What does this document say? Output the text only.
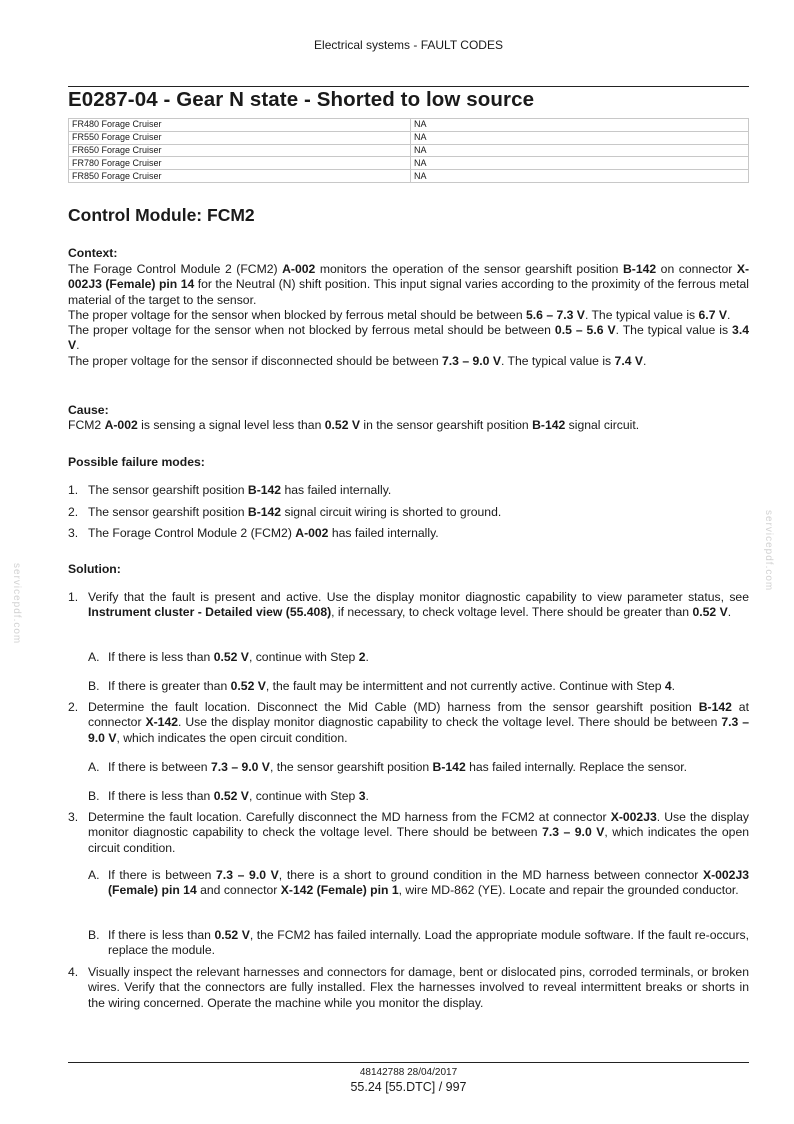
servicepdf.com
servicepdf.com
Electrical systems - FAULT CODES
E0287-04 - Gear N state - Shorted to low source
FR480 Forage Cruiser	NA
FR550 Forage Cruiser	NA
FR650 Forage Cruiser	NA
FR780 Forage Cruiser	NA
FR850 Forage Cruiser	NA
Control Module: FCM2
Context:
The Forage Control Module 2 (FCM2) A-002 monitors the operation of the sensor gearshift position B-142 on connector X-002J3 (Female) pin 14 for the Neutral (N) shift position. This input signal varies according to the proximity of the ferrous metal material of the target to the sensor.
The proper voltage for the sensor when blocked by ferrous metal should be between 5.6 – 7.3 V. The typical value is 6.7 V.
The proper voltage for the sensor when not blocked by ferrous metal should be between 0.5 – 5.6 V. The typical value is 3.4 V.
The proper voltage for the sensor if disconnected should be between 7.3 – 9.0 V. The typical value is 7.4 V.
Cause:
FCM2 A-002 is sensing a signal level less than 0.52 V in the sensor gearshift position B-142 signal circuit.
Possible failure modes:
1. The sensor gearshift position B-142 has failed internally.
2. The sensor gearshift position B-142 signal circuit wiring is shorted to ground.
3. The Forage Control Module 2 (FCM2) A-002 has failed internally.
Solution:
1. Verify that the fault is present and active. Use the display monitor diagnostic capability to view parameter status, see Instrument cluster - Detailed view (55.408), if necessary, to check voltage level. There should be greater than 0.52 V.
A. If there is less than 0.52 V, continue with Step 2.
B. If there is greater than 0.52 V, the fault may be intermittent and not currently active. Continue with Step 4.
2. Determine the fault location. Disconnect the Mid Cable (MD) harness from the sensor gearshift position B-142 at connector X-142. Use the display monitor diagnostic capability to check the voltage level. There should be between 7.3 – 9.0 V, which indicates the open circuit condition.
A. If there is between 7.3 – 9.0 V, the sensor gearshift position B-142 has failed internally. Replace the sensor.
B. If there is less than 0.52 V, continue with Step 3.
3. Determine the fault location. Carefully disconnect the MD harness from the FCM2 at connector X-002J3. Use the display monitor diagnostic capability to check the voltage level. There should be between 7.3 – 9.0 V, which indicates the open circuit condition.
A. If there is between 7.3 – 9.0 V, there is a short to ground condition in the MD harness between connector X-002J3 (Female) pin 14 and connector X-142 (Female) pin 1, wire MD-862 (YE). Locate and repair the grounded conductor.
B. If there is less than 0.52 V, the FCM2 has failed internally. Load the appropriate module software. If the fault re-occurs, replace the module.
4. Visually inspect the relevant harnesses and connectors for damage, bent or dislocated pins, corroded terminals, or broken wires. Verify that the connectors are fully installed. Flex the harnesses involved to reveal intermittent breaks or shorts in the wiring concerned. Operate the machine while you monitor the display.
48142788 28/04/2017
55.24 [55.DTC] / 997
